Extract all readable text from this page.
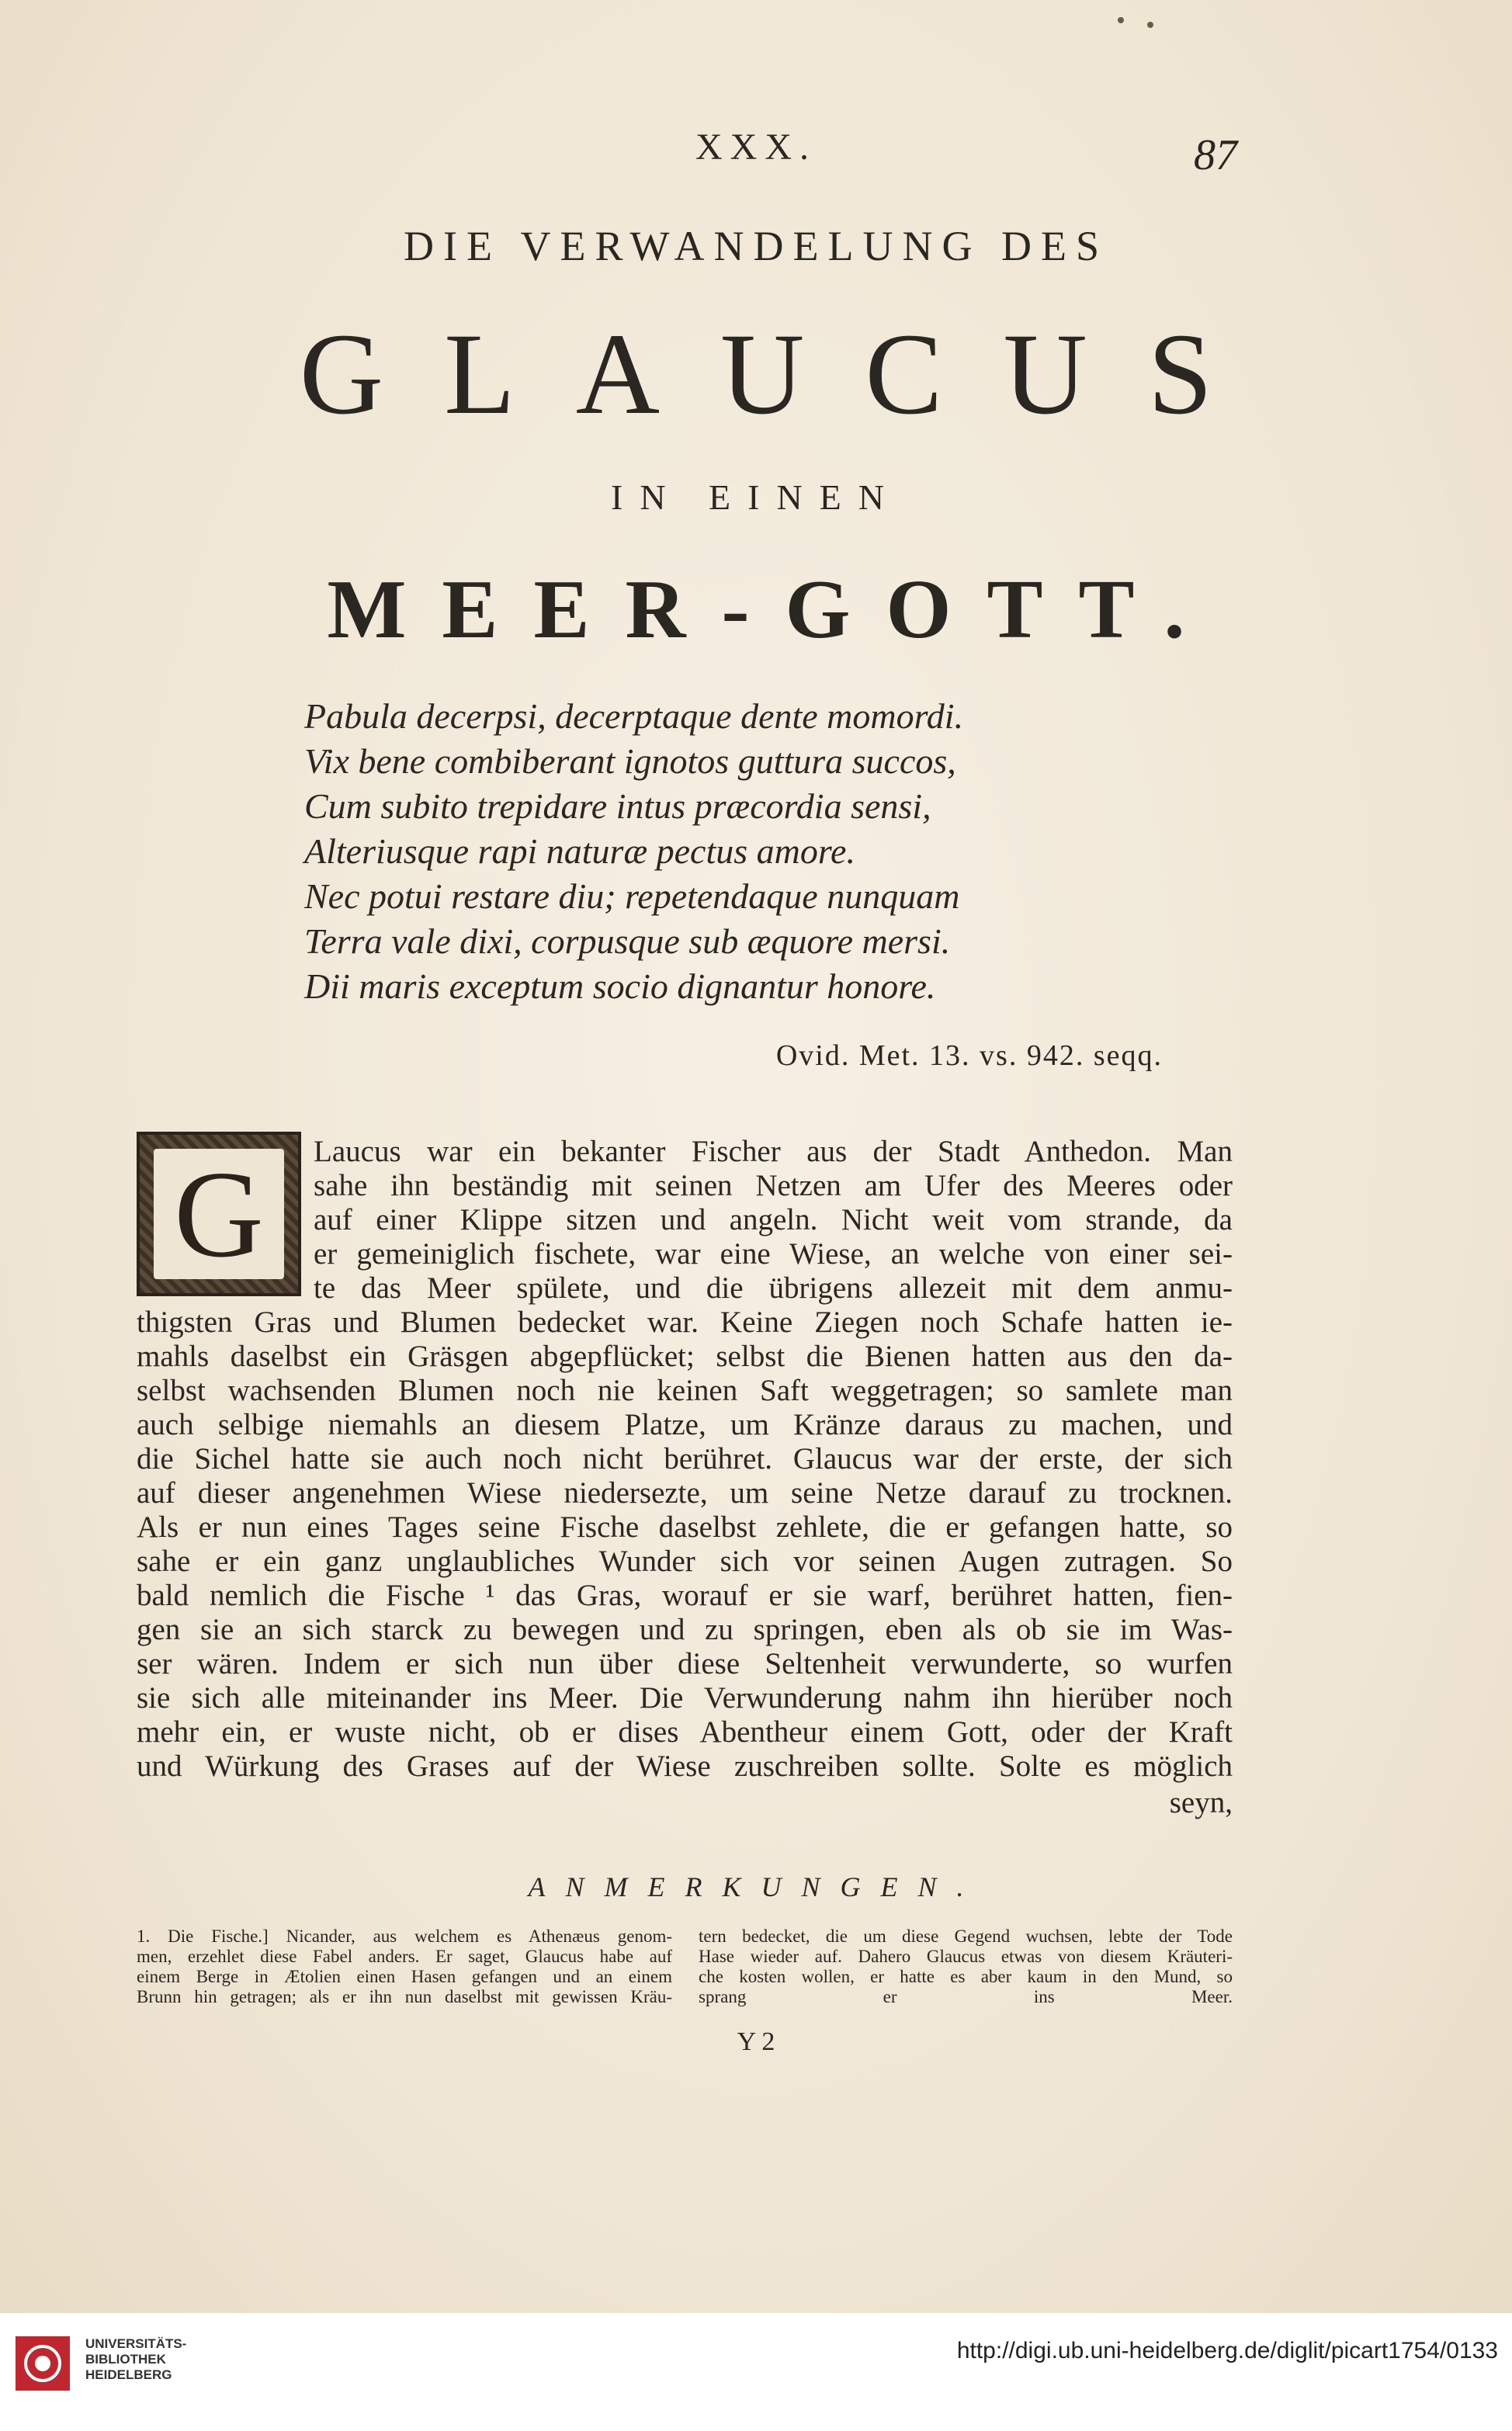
XXX.	87
DIE VERWANDELUNG DES
GLAUCUS
IN EINEN
MEER-GOTT.

Pabula decerpsi, decerptaque dente momordi.

Vix bene combiberant ignotos guttura succos,

Cum subito trepidare intus præcordia sensi,

Alteriusque rapi naturæ pectus amore.

Nec potui restare diu; repetendaque nunquam

Terra vale dixi, corpusque sub æquore mersi.

Dii maris exceptum socio dignantur honore.

Ovid. Met. 13. vs. 942. seqq.
G	Laucus war ein bekanter Fischer aus der Stadt Anthedon. Man
sahe ihn beständig mit seinen Netzen am Ufer des Meeres oder
auf einer Klippe sitzen und angeln. Nicht weit vom strande, da
er gemeiniglich fischete, war eine Wiese, an welche von einer sei-
te das Meer spülete, und die übrigens allezeit mit dem anmu-
thigsten Gras und Blumen bedecket war. Keine Ziegen noch Schafe hatten ie-
mahls daselbst ein Gräsgen abgepflücket; selbst die Bienen hatten aus den da-
selbst wachsenden Blumen noch nie keinen Saft weggetragen; so samlete man
auch selbige niemahls an diesem Platze, um Kränze daraus zu machen, und
die Sichel hatte sie auch noch nicht berühret. Glaucus war der erste, der sich
auf dieser angenehmen Wiese niedersezte, um seine Netze darauf zu trocknen.
Als er nun eines Tages seine Fische daselbst zehlete, die er gefangen hatte, so
sahe er ein ganz unglaubliches Wunder sich vor seinen Augen zutragen. So
bald nemlich die Fische ¹ das Gras, worauf er sie warf, berühret hatten, fien-
gen sie an sich starck zu bewegen und zu springen, eben als ob sie im Was-
ser wären. Indem er sich nun über diese Seltenheit verwunderte, so wurfen
sie sich alle miteinander ins Meer. Die Verwunderung nahm ihn hierüber noch
mehr ein, er wuste nicht, ob er dises Abentheur einem Gott, oder der Kraft
und Würkung des Grases auf der Wiese zuschreiben sollte. Solte es möglich
seyn,
ANMERKUNGEN.
1. Die Fische.] Nicander, aus welchem es Athenæus genom-
men, erzehlet diese Fabel anders. Er saget, Glaucus habe auf
einem Berge in Ætolien einen Hasen gefangen und an einem
Brunn hin getragen; als er ihn nun daselbst mit gewissen Kräu-
tern bedecket, die um diese Gegend wuchsen, lebte der Tode
Hase wieder auf. Dahero Glaucus etwas von diesem Kräuteri-
che kosten wollen, er hatte es aber kaum in den Mund, so
sprang er ins Meer.
Y 2
UNIVERSITÄTS-
BIBLIOTHEK
HEIDELBERG
http://digi.ub.uni-heidelberg.de/diglit/picart1754/0133
